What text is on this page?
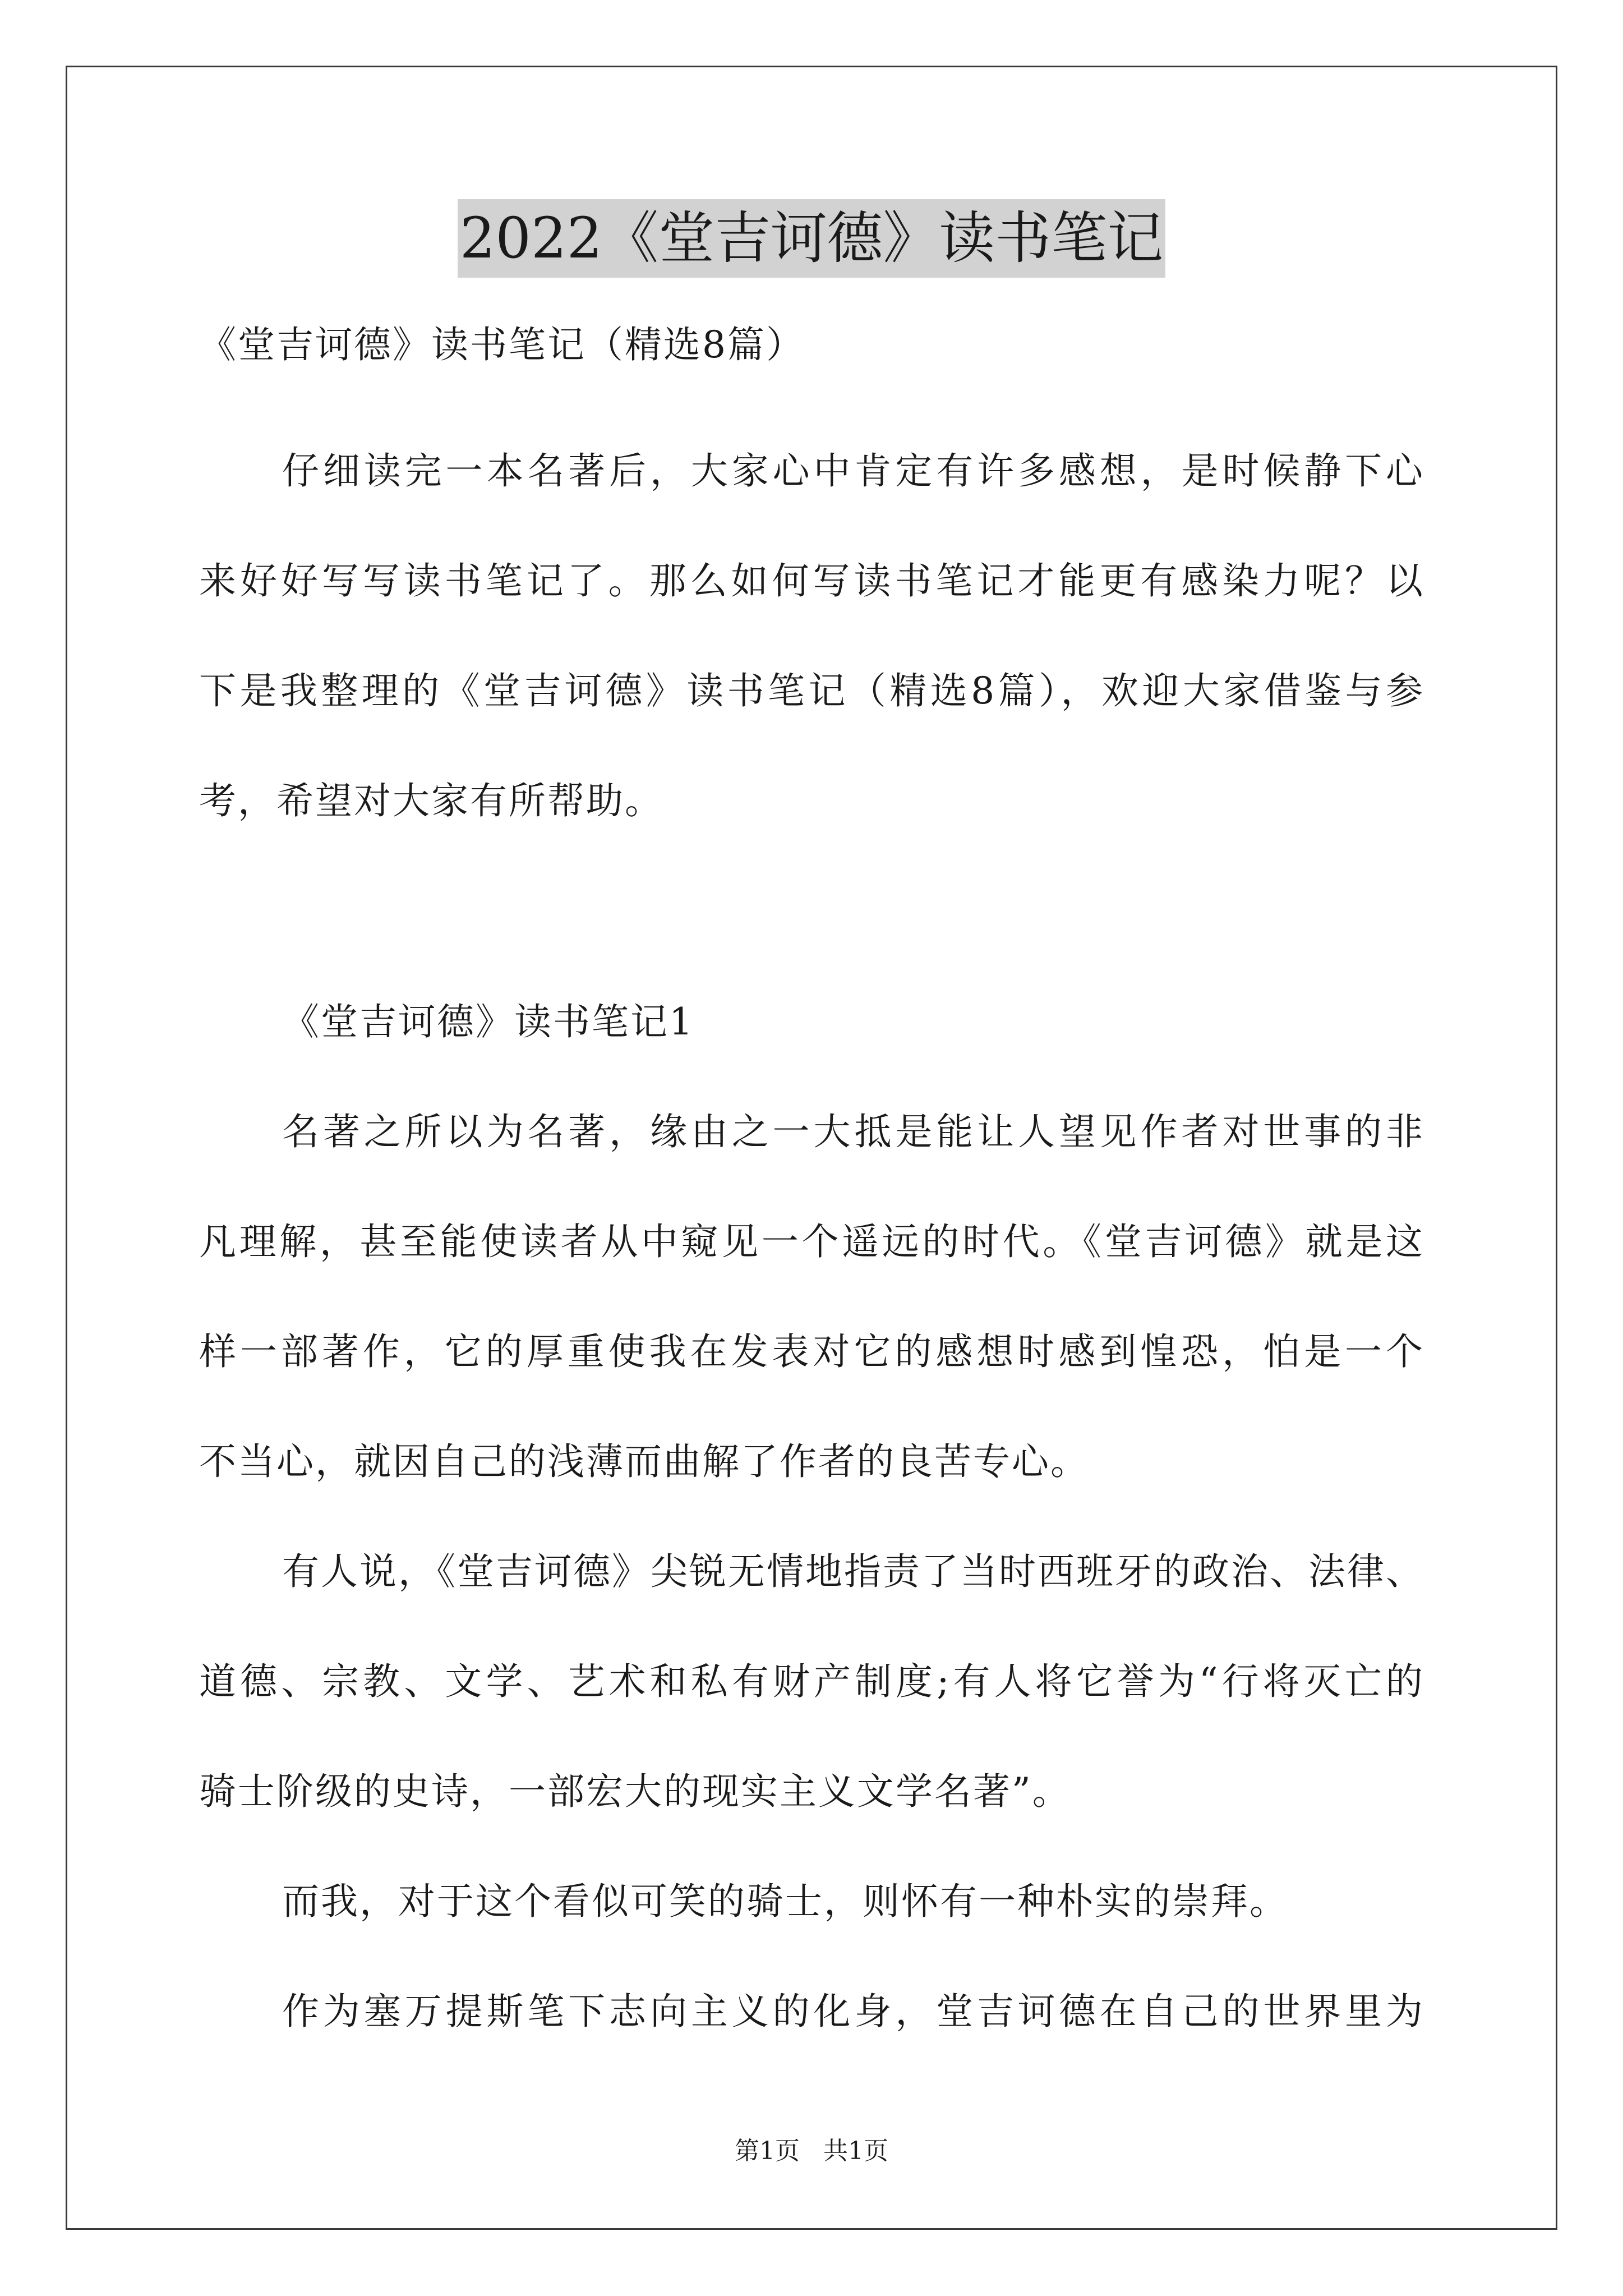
2022《堂吉诃德》读书笔记
《堂吉诃德》读书笔记（精选8篇）
仔细读完一本名著后，大家心中肯定有许多感想，是时候静下心
来好好写写读书笔记了。那么如何写读书笔记才能更有感染力呢？以
下是我整理的《堂吉诃德》读书笔记（精选8篇），欢迎大家借鉴与参
考，希望对大家有所帮助。
《堂吉诃德》读书笔记1
名著之所以为名著，缘由之一大抵是能让人望见作者对世事的非
凡理解，甚至能使读者从中窥见一个遥远的时代。《堂吉诃德》就是这
样一部著作，它的厚重使我在发表对它的感想时感到惶恐，怕是一个
不当心，就因自己的浅薄而曲解了作者的良苦专心。
有人说，《堂吉诃德》尖锐无情地指责了当时西班牙的政治、法律、
道德、宗教、文学、艺术和私有财产制度;有人将它誉为“行将灭亡的
骑士阶级的史诗，一部宏大的现实主义文学名著”。
而我，对于这个看似可笑的骑士，则怀有一种朴实的崇拜。
作为塞万提斯笔下志向主义的化身，堂吉诃德在自己的世界里为
第1页 共1页
